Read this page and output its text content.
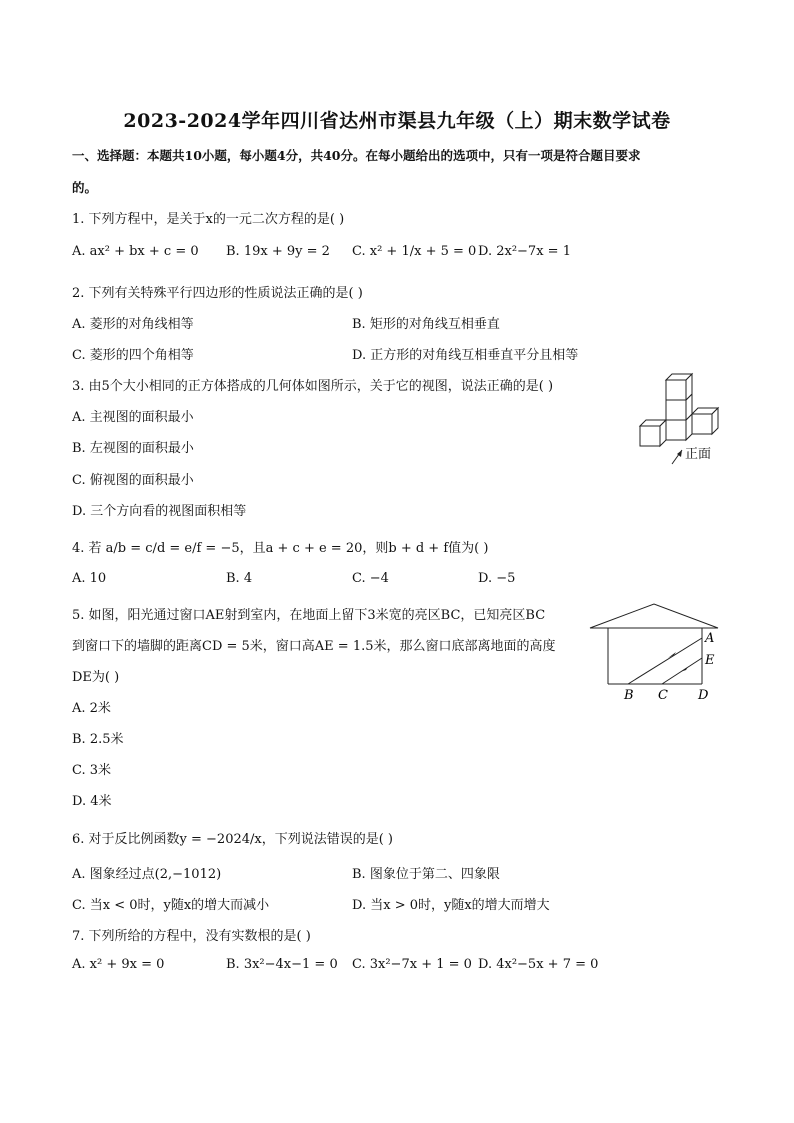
2023-2024学年四川省达州市渠县九年级（上）期末数学试卷
一、选择题：本题共10小题，每小题4分，共40分。在每小题给出的选项中，只有一项是符合题目要求
的。
1. 下列方程中，是关于x的一元二次方程的是( )
A. ax² + bx + c = 0 B. 19x + 9y = 2 C. x² + 1/x + 5 = 0 D. 2x²−7x = 1
2. 下列有关特殊平行四边形的性质说法正确的是( )
A. 菱形的对角线相等	B. 矩形的对角线互相垂直
C. 菱形的四个角相等	D. 正方形的对角线互相垂直平分且相等
3. 由5个大小相同的正方体搭成的几何体如图所示，关于它的视图，说法正确的是( )
A. 主视图的面积最小
B. 左视图的面积最小
C. 俯视图的面积最小
D. 三个方向看的视图面积相等
正面
4. 若 a/b = c/d = e/f = −5，且a + c + e = 20，则b + d + f值为( )
A. 10	B. 4	C. −4	D. −5
5. 如图，阳光通过窗口AE射到室内，在地面上留下3米宽的亮区BC，已知亮区BC
到窗口下的墙脚的距离CD = 5米，窗口高AE = 1.5米，那么窗口底部离地面的高度
DE为( )
A. 2米
B. 2.5米
C. 3米
D. 4米
A
E
B C D
6. 对于反比例函数y = −2024/x，下列说法错误的是( )
A. 图象经过点(2,−1012)	B. 图象位于第二、四象限
C. 当x < 0时，y随x的增大而减小	D. 当x > 0时，y随x的增大而增大
7. 下列所给的方程中，没有实数根的是( )
A. x² + 9x = 0	B. 3x²−4x−1 = 0 C. 3x²−7x + 1 = 0 D. 4x²−5x + 7 = 0
